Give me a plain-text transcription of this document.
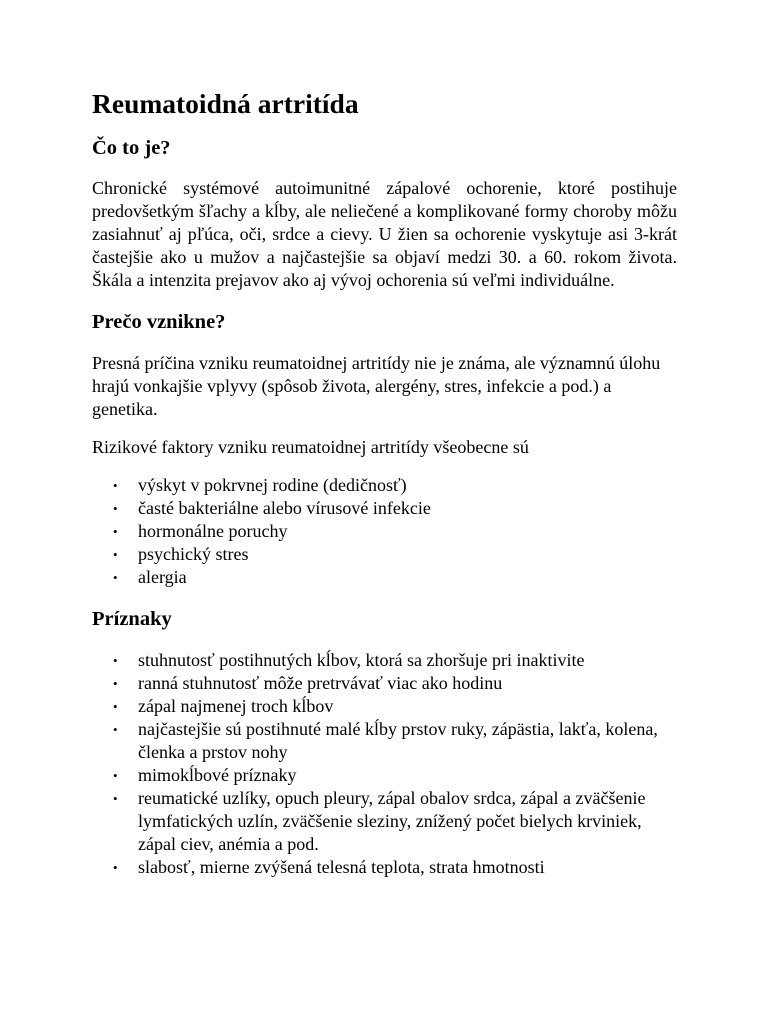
Reumatoidná artritída
Čo to je?

Chronické systémové autoimunitné zápalové ochorenie, ktoré postihuje predovšetkým šľachy a kĺby, ale neliečené a komplikované formy choroby môžu zasiahnuť aj pľúca, oči, srdce a cievy. U žien sa ochorenie vyskytuje asi 3-krát častejšie ako u mužov a najčastejšie sa objaví medzi 30. a 60. rokom života. Škála a intenzita prejavov ako aj vývoj ochorenia sú veľmi individuálne.

Prečo vznikne?

Presná príčina vzniku reumatoidnej artritídy nie je známa, ale významnú úlohu hrajú vonkajšie vplyvy (spôsob života, alergény, stres, infekcie a pod.) a genetika.

Rizikové faktory vzniku reumatoidnej artritídy všeobecne sú

• výskyt v pokrvnej rodine (dedičnosť)
• časté bakteriálne alebo vírusové infekcie
• hormonálne poruchy
• psychický stres
• alergia
Príznaky
• stuhnutosť postihnutých kĺbov, ktorá sa zhoršuje pri inaktivite
• ranná stuhnutosť môže pretrvávať viac ako hodinu
• zápal najmenej troch kĺbov
• najčastejšie sú postihnuté malé kĺby prstov ruky, zápästia, lakťa, kolena, členka a prstov nohy
• mimokĺbové príznaky
• reumatické uzlíky, opuch pleury, zápal obalov srdca, zápal a zväčšenie lymfatických uzlín, zväčšenie sleziny, znížený počet bielych krviniek, zápal ciev, anémia a pod.
• slabosť, mierne zvýšená telesná teplota, strata hmotnosti
